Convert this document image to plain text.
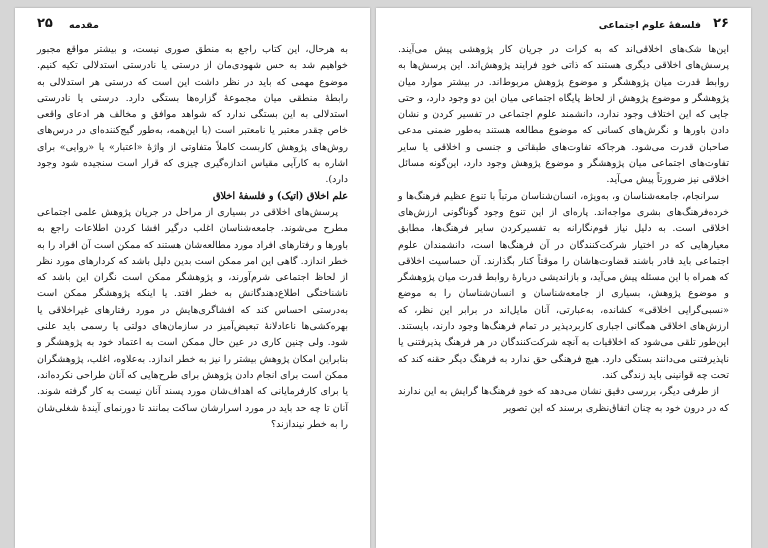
۲۶
فلسفهٔ علوم اجتماعی

این‌ها شک‌های اخلاقی‌اند که به کرات در جریان کار پژوهشی پیش می‌آیند. پرسش‌های اخلاقی دیگری هستند که ذاتی خودِ فرایند پژوهش‌اند. این پرسش‌ها به روابط قدرت میان پژوهشگر و موضوع پژوهش مربوط‌اند. در بیشتر موارد میان پژوهشگر و موضوع پژوهش از لحاظ پایگاه اجتماعی میان این دو وجود دارد، و حتی جایی که این اختلاف وجود ندارد، دانشمند علوم اجتماعی در تفسیر کردن و نشان دادن باورها و نگرش‌های کسانی که موضوع مطالعه هستند به‌طور ضمنی مدعی صاحبان قدرت می‌شود. هرجاکه تفاوت‌های طبقاتی و جنسی و اخلاقی یا سایر تفاوت‌های اجتماعی میان پژوهشگر و موضوع پژوهش وجود دارد، این‌گونه مسائل اخلاقی نیز ضرورتاً پیش می‌آید.

سرانجام، جامعه‌شناسان و، به‌ویژه، انسان‌شناسان مرتباً با تنوع عظیم فرهنگ‌ها و خرده‌فرهنگ‌های بشری مواجه‌اند. پاره‌ای از این تنوع وجود گوناگونی ارزش‌های اخلاقی است. به دلیل نیاز قوم‌نگارانه به تفسیرکردن سایر فرهنگ‌ها، مطابق معیارهایی که در اختیار شرکت‌کنندگان در آن فرهنگ‌ها است، دانشمندان علوم اجتماعی باید قادر باشند قضاوت‌هاشان را موقتاً کنار بگذارند. آن حساسیت اخلاقی که همراه با این مسئله پیش می‌آید، و بازاندیشی دربارهٔ روابط قدرت میان پژوهشگر و موضوع پژوهش، بسیاری از جامعه‌شناسان و انسان‌شناسان را به موضع «نسبی‌گرایی اخلاقی» کشانده، به‌عبارتی، آنان مایل‌اند در برابر این نظر، که ارزش‌های اخلاقی همگانی اجباری کاربردپذیر در تمام فرهنگ‌ها وجود دارند، بایستند. این‌طور تلقی می‌شود که اخلاقیات به آنچه شرکت‌کنندگان در هر فرهنگ پذیرفتنی یا ناپذیرفتنی می‌دانند بستگی دارد. هیچ فرهنگی حق ندارد به فرهنگ دیگر حقنه کند که تحت چه قوانینی باید زندگی کند.

از طرفی دیگر، بررسی دقیق نشان می‌دهد که خودِ فرهنگ‌ها گرایش به این ندارند که در درون خود به چنان اتفاق‌نظری برسند که این تصویر

۲۵ مقدمه

به هرحال، این کتاب راجع به منطق صوری نیست، و بیشتر مواقع مجبور خواهیم شد به حس شهودی‌مان از درستی یا نادرستی استدلالی تکیه کنیم. موضوع مهمی که باید در نظر داشت این است که درستی هر استدلالی به رابطهٔ منطقی میان مجموعهٔ گزاره‌ها بستگی دارد. درستی یا نادرستی استدلالی به این بستگی ندارد که شواهد موافق و مخالف هر ادعای واقعی خاص چقدر معتبر یا نامعتبر است (با این‌همه، به‌طور گیج‌کننده‌ای در درس‌های روش‌های پژوهش کاربست کاملاً متفاوتی از واژهٔ «اعتبار» یا «روایی» برای اشاره به کارآیی مقیاس اندازه‌گیری چیزی که قرار است سنجیده شود وجود دارد).

علم اخلاق (اتیک) و فلسفهٔ اخلاق

پرسش‌های اخلاقی در بسیاری از مراحل در جریان پژوهش علمی اجتماعی مطرح می‌شوند. جامعه‌شناسان اغلب درگیر افشا کردن اطلاعات راجع به باورها و رفتارهای افراد مورد مطالعه‌شان هستند که ممکن است آن افراد را به خطر اندازد. گاهی این امر ممکن است بدین دلیل باشد که کردارهای مورد نظر از لحاظ اجتماعی شرم‌آورند، و پژوهشگر ممکن است نگران این باشد که ناشناختگی اطلاع‌دهندگانش به خطر افتد. یا اینکه پژوهشگر ممکن است به‌درستی احساس کند که افشاگری‌هایش در مورد رفتارهای غیراخلاقی یا بهره‌کشی‌ها ناعادلانهٔ تبعیض‌آمیز در سازمان‌های دولتی یا رسمی باید علنی شود. ولی چنین کاری در عین حال ممکن است به اعتماد خود به پژوهشگر و بنابراین امکان پژوهش بیشتر را نیز به خطر اندازد. به‌علاوه، اغلب، پژوهشگران ممکن است برای انجام دادن پژوهش برای طرح‌هایی که آنان طراحی نکرده‌اند، یا برای کارفرمایانی که اهداف‌شان مورد پسند آنان نیست به کار گرفته شوند. آنان تا چه حد باید در مورد اسرارشان ساکت بمانند تا دورنمای آیندهٔ شغلی‌شان را به خطر نیندازند؟
